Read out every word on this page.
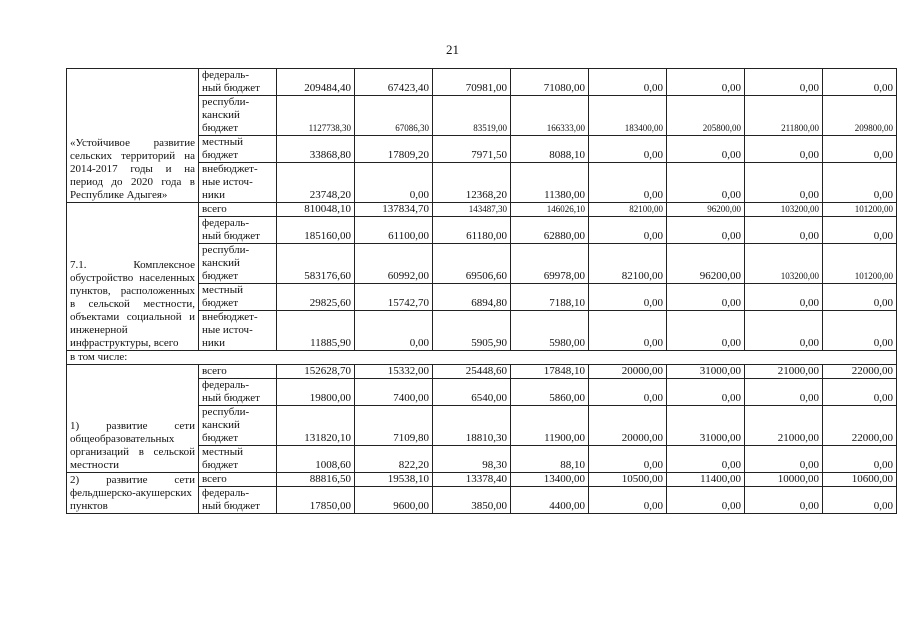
21
«Устойчивое развитие сельских территорий на 2014-2017 годы и на период до 2020 года в Республике Адыгея»	федераль-
ный бюджет	209484,40	67423,40	70981,00	71080,00	0,00	0,00	0,00	0,00

	республи-
канский
бюджет	1127738,30	67086,30	83519,00	166333,00	183400,00	205800,00	211800,00	209800,00

	местный
бюджет	33868,80	17809,20	7971,50	8088,10	0,00	0,00	0,00	0,00

	внебюджет-
ные источ-
ники	23748,20	0,00	12368,20	11380,00	0,00	0,00	0,00	0,00
7.1. Комплексное обустройство населенных пунктов, расположенных в сельской местности, объектами социальной и инженерной инфраструктуры, всего	всего	810048,10	137834,70	143487,30	146026,10	82100,00	96200,00	103200,00	101200,00

	федераль-
ный бюджет	185160,00	61100,00	61180,00	62880,00	0,00	0,00	0,00	0,00

	республи-
канский
бюджет	583176,60	60992,00	69506,60	69978,00	82100,00	96200,00	103200,00	101200,00

	местный
бюджет	29825,60	15742,70	6894,80	7188,10	0,00	0,00	0,00	0,00

	внебюджет-
ные источ-
ники	11885,90	0,00	5905,90	5980,00	0,00	0,00	0,00	0,00
в том числе:									
1) развитие сети общеобразовательных организаций в сельской местности	всего	152628,70	15332,00	25448,60	17848,10	20000,00	31000,00	21000,00	22000,00

	федераль-
ный бюджет	19800,00	7400,00	6540,00	5860,00	0,00	0,00	0,00	0,00

	республи-
канский
бюджет	131820,10	7109,80	18810,30	11900,00	20000,00	31000,00	21000,00	22000,00

	местный
бюджет	1008,60	822,20	98,30	88,10	0,00	0,00	0,00	0,00
2) развитие сети фельдшерско-акушерских пунктов	всего	88816,50	19538,10	13378,40	13400,00	10500,00	11400,00	10000,00	10600,00

	федераль-
ный бюджет	17850,00	9600,00	3850,00	4400,00	0,00	0,00	0,00	0,00
